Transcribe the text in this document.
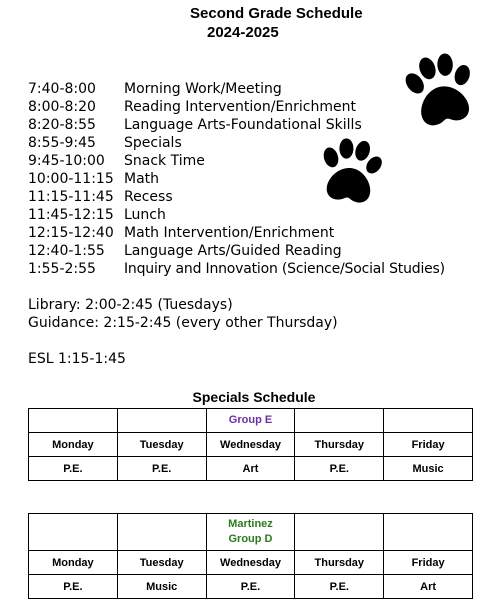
Second Grade Schedule
2024-2025
7:40-8:00	Morning Work/Meeting
8:00-8:20	Reading Intervention/Enrichment
8:20-8:55	Language Arts-Foundational Skills
8:55-9:45	Specials
9:45-10:00	Snack Time
10:00-11:15 Math
11:15-11:45 Recess
11:45-12:15 Lunch
12:15-12:40 Math Intervention/Enrichment
12:40-1:55	Language Arts/Guided Reading
1:55-2:55	Inquiry and Innovation (Science/Social Studies)
Library: 2:00-2:45 (Tuesdays)
Guidance: 2:15-2:45 (every other Thursday)
ESL 1:15-1:45
Specials Schedule
		Group E		
Monday	Tuesday	Wednesday	Thursday	Friday
P.E.	P.E.	Art	P.E.	Music

		Martinez
Group D		

Monday	Tuesday	Wednesday	Thursday	Friday
P.E.	Music	P.E.	P.E.	Art
